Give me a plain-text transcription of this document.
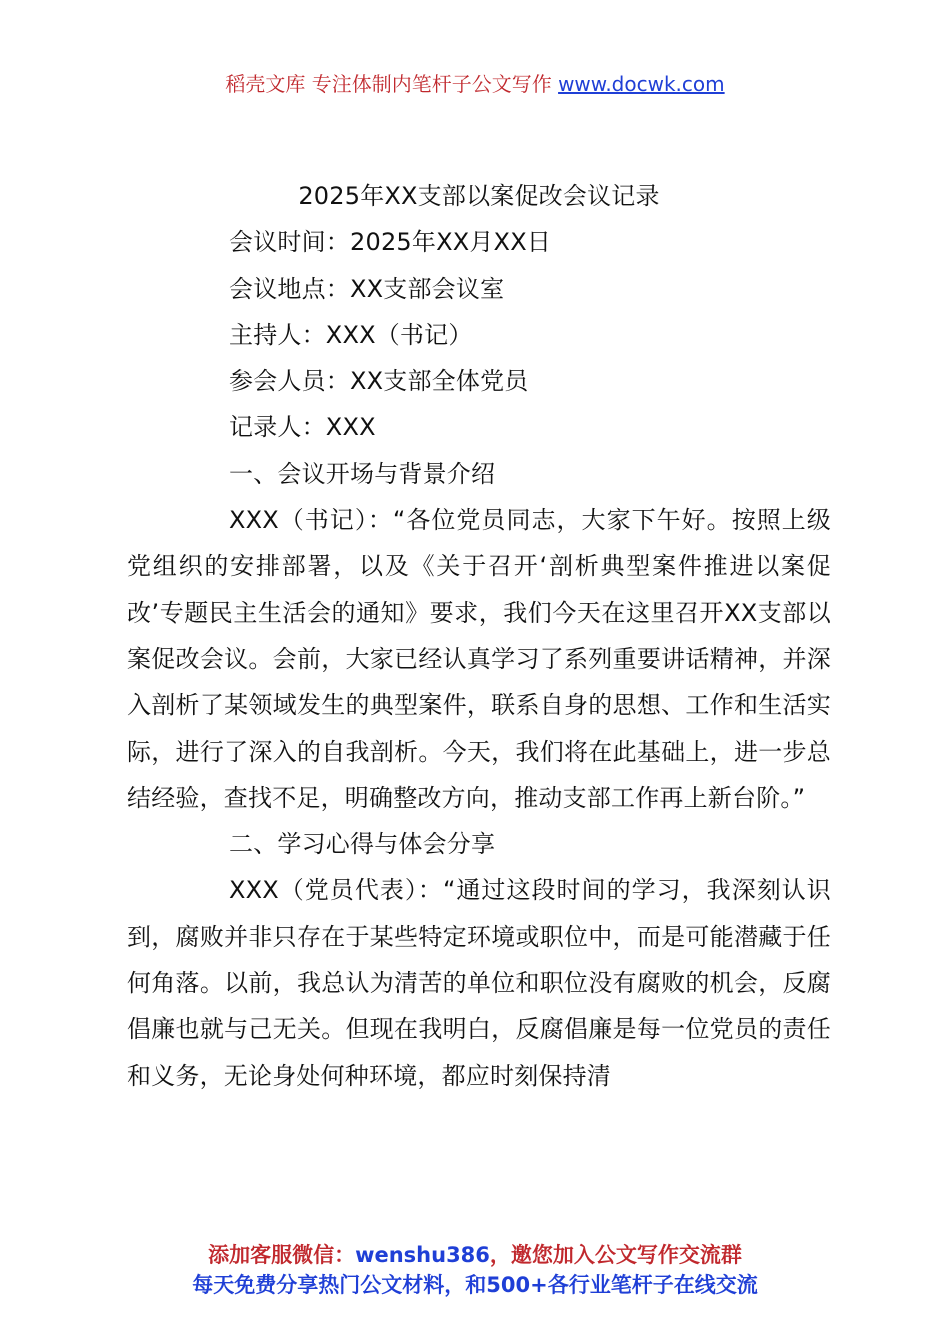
稻壳文库 专注体制内笔杆子公文写作 www.docwk.com

2025年XX支部以案促改会议记录

会议时间：2025年XX月XX日

会议地点：XX支部会议室

主持人：XXX（书记）

参会人员：XX支部全体党员

记录人：XXX

一、会议开场与背景介绍

XXX（书记）：“各位党员同志，大家下午好。按照上级党组织的安排部署，以及《关于召开‘剖析典型案件推进以案促改’专题民主生活会的通知》要求，我们今天在这里召开XX支部以案促改会议。会前，大家已经认真学习了系列重要讲话精神，并深入剖析了某领域发生的典型案件，联系自身的思想、工作和生活实际，进行了深入的自我剖析。今天，我们将在此基础上，进一步总结经验，查找不足，明确整改方向，推动支部工作再上新台阶。”

二、学习心得与体会分享

XXX（党员代表）：“通过这段时间的学习，我深刻认识到，腐败并非只存在于某些特定环境或职位中，而是可能潜藏于任何角落。以前，我总认为清苦的单位和职位没有腐败的机会，反腐倡廉也就与己无关。但现在我明白，反腐倡廉是每一位党员的责任和义务，无论身处何种环境，都应时刻保持清

添加客服微信：wenshu386，邀您加入公文写作交流群
每天免费分享热门公文材料，和500+各行业笔杆子在线交流
